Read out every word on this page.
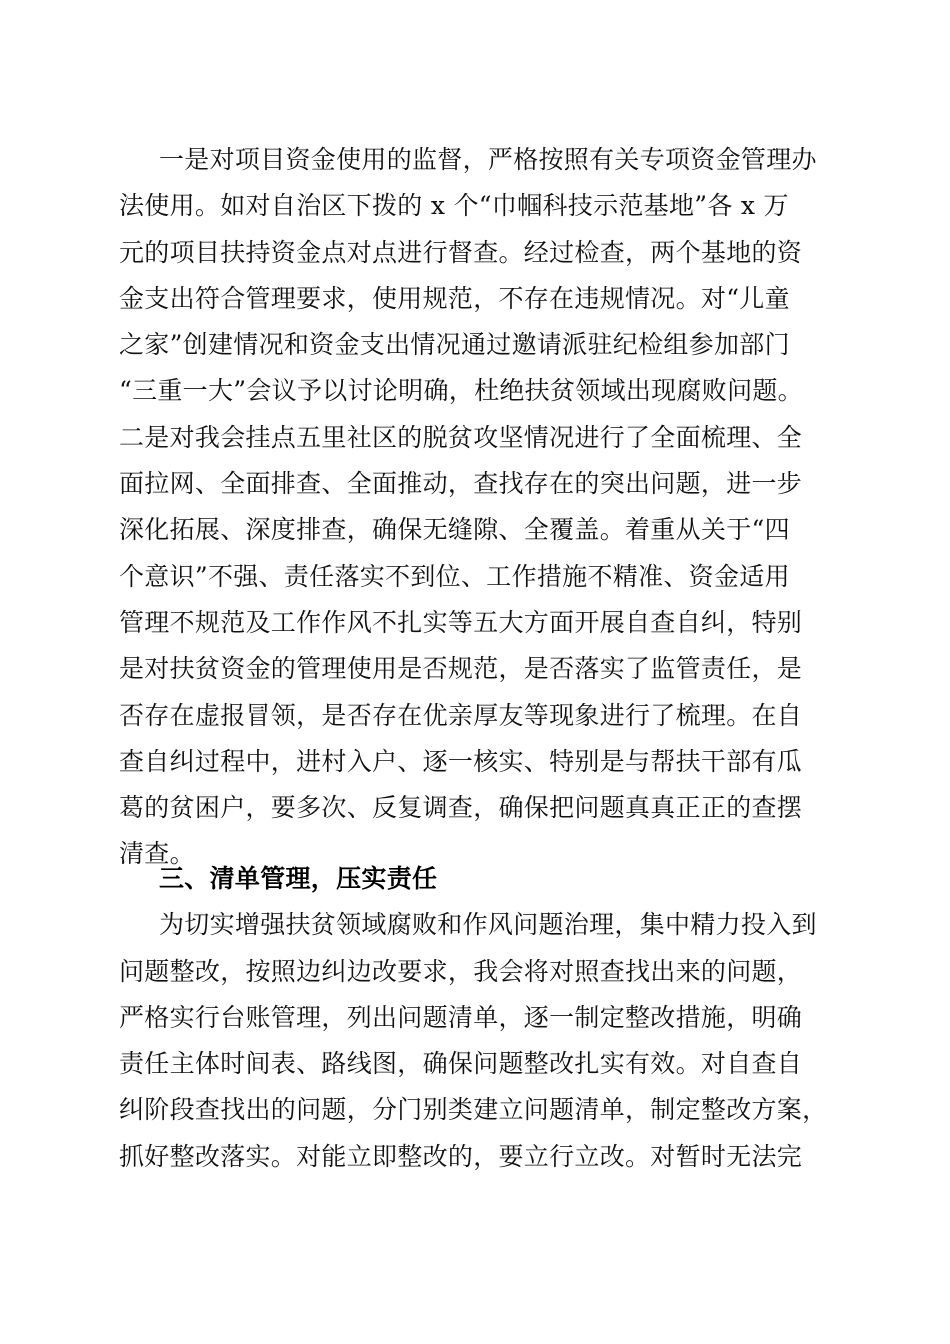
一是对项目资金使用的监督，严格按照有关专项资金管理办
法使用。如对自治区下拨的 x 个“巾帼科技示范基地”各 x 万
元的项目扶持资金点对点进行督查。经过检查，两个基地的资
金支出符合管理要求，使用规范，不存在违规情况。对“儿童
之家”创建情况和资金支出情况通过邀请派驻纪检组参加部门
“三重一大”会议予以讨论明确，杜绝扶贫领域出现腐败问题。
二是对我会挂点五里社区的脱贫攻坚情况进行了全面梳理、全
面拉网、全面排查、全面推动，查找存在的突出问题，进一步
深化拓展、深度排查，确保无缝隙、全覆盖。着重从关于“四
个意识”不强、责任落实不到位、工作措施不精准、资金适用
管理不规范及工作作风不扎实等五大方面开展自查自纠，特别
是对扶贫资金的管理使用是否规范，是否落实了监管责任，是
否存在虚报冒领，是否存在优亲厚友等现象进行了梳理。在自
查自纠过程中，进村入户、逐一核实、特别是与帮扶干部有瓜
葛的贫困户，要多次、反复调查，确保把问题真真正正的查摆
清查。
三、清单管理，压实责任
为切实增强扶贫领域腐败和作风问题治理，集中精力投入到
问题整改，按照边纠边改要求，我会将对照查找出来的问题，
严格实行台账管理，列出问题清单，逐一制定整改措施，明确
责任主体时间表、路线图，确保问题整改扎实有效。对自查自
纠阶段查找出的问题，分门别类建立问题清单，制定整改方案，
抓好整改落实。对能立即整改的，要立行立改。对暂时无法完
